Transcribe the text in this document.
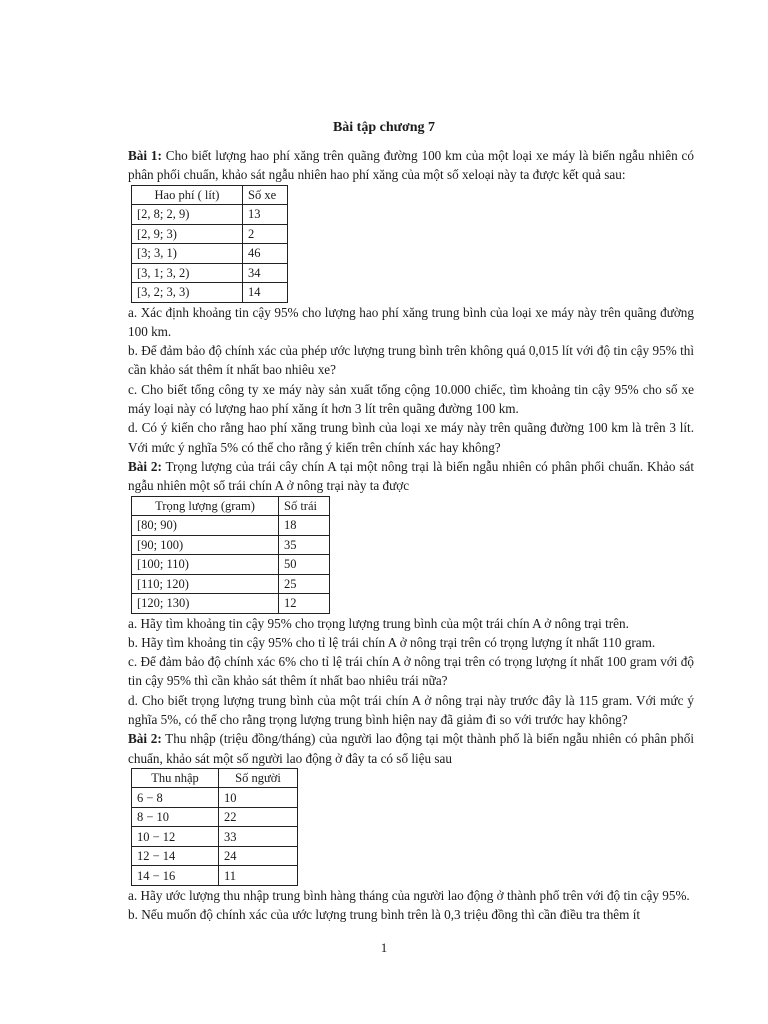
Bài tập chương 7

Bài 1: Cho biết lượng hao phí xăng trên quãng đường 100 km của một loại xe máy là biến ngẫu nhiên có phân phối chuẩn, khảo sát ngẫu nhiên hao phí xăng của một số xeloại này ta được kết quả sau:

Hao phí ( lít)	Số xe
[2, 8; 2, 9)	13
[2, 9; 3)	2
[3; 3, 1)	46
[3, 1; 3, 2)	34
[3, 2; 3, 3)	14

a. Xác định khoảng tin cậy 95% cho lượng hao phí xăng trung bình của loại xe máy này trên quãng đường 100 km.

b. Để đảm bảo độ chính xác của phép ước lượng trung bình trên không quá 0,015 lít với độ tin cậy 95% thì cần khảo sát thêm ít nhất bao nhiêu xe?

c. Cho biết tổng công ty xe máy này sản xuất tổng cộng 10.000 chiếc, tìm khoảng tin cậy 95% cho số xe máy loại này có lượng hao phí xăng ít hơn 3 lít trên quãng đường 100 km.

d. Có ý kiến cho rằng hao phí xăng trung bình của loại xe máy này trên quãng đường 100 km là trên 3 lít. Với mức ý nghĩa 5% có thể cho rằng ý kiến trên chính xác hay không?

Bài 2: Trọng lượng của trái cây chín A tại một nông trại là biến ngẫu nhiên có phân phối chuẩn. Khảo sát ngẫu nhiên một số trái chín A ở nông trại này ta được

Trọng lượng (gram)	Số trái
[80; 90)	18
[90; 100)	35
[100; 110)	50
[110; 120)	25
[120; 130)	12

a. Hãy tìm khoảng tin cậy 95% cho trọng lượng trung bình của một trái chín A ở nông trại trên.

b. Hãy tìm khoảng tin cậy 95% cho tỉ lệ trái chín A ở nông trại trên có trọng lượng ít nhất 110 gram.

c. Để đảm bảo độ chính xác 6% cho tỉ lệ trái chín A ở nông trại trên có trọng lượng ít nhất 100 gram với độ tin cậy 95% thì cần khảo sát thêm ít nhất bao nhiêu trái nữa?

d. Cho biết trọng lượng trung bình của một trái chín A ở nông trại này trước đây là 115 gram. Với mức ý nghĩa 5%, có thể cho rằng trọng lượng trung bình hiện nay đã giảm đi so với trước hay không?

Bài 2: Thu nhập (triệu đồng/tháng) của người lao động tại một thành phố là biến ngẫu nhiên có phân phối chuẩn, khảo sát một số người lao động ở đây ta có số liệu sau

Thu nhập	Số người
6 − 8	10
8 − 10	22
10 − 12	33
12 − 14	24
14 − 16	11

a. Hãy ước lượng thu nhập trung bình hàng tháng của người lao động ở thành phố trên với độ tin cậy 95%.

b. Nếu muốn độ chính xác của ước lượng trung bình trên là 0,3 triệu đồng thì cần điều tra thêm ít

1
